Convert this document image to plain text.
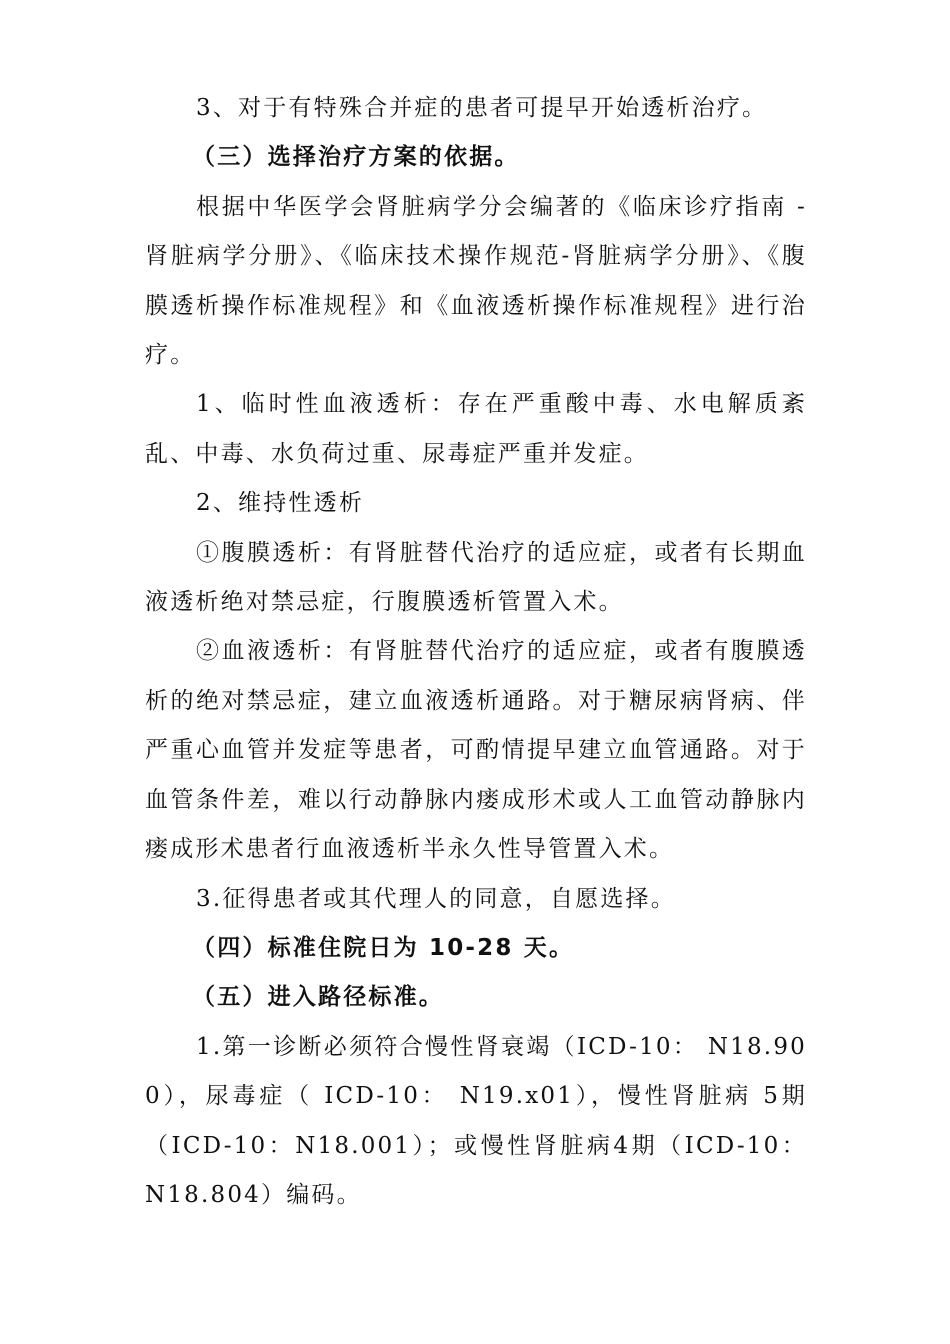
3、对于有特殊合并症的患者可提早开始透析治疗。

（三）选择治疗方案的依据。

根据中华医学会肾脏病学分会编著的《临床诊疗指南 -肾脏病学分册》、《临床技术操作规范-肾脏病学分册》、《腹膜透析操作标准规程》和《血液透析操作标准规程》进行治疗。

1、临时性血液透析：存在严重酸中毒、水电解质紊乱、中毒、水负荷过重、尿毒症严重并发症。

2、维持性透析

①腹膜透析：有肾脏替代治疗的适应症，或者有长期血液透析绝对禁忌症，行腹膜透析管置入术。

②血液透析：有肾脏替代治疗的适应症，或者有腹膜透析的绝对禁忌症，建立血液透析通路。对于糖尿病肾病、伴严重心血管并发症等患者，可酌情提早建立血管通路。对于血管条件差，难以行动静脉内瘘成形术或人工血管动静脉内瘘成形术患者行血液透析半永久性导管置入术。

3.征得患者或其代理人的同意，自愿选择。

（四）标准住院日为 10-28 天。

（五）进入路径标准。

1.第一诊断必须符合慢性肾衰竭（ICD-10： N18.900），尿毒症（ ICD-10： N19.x01），慢性肾脏病 5期（ICD-10：N18.001）；或慢性肾脏病4期（ICD-10：N18.804）编码。
